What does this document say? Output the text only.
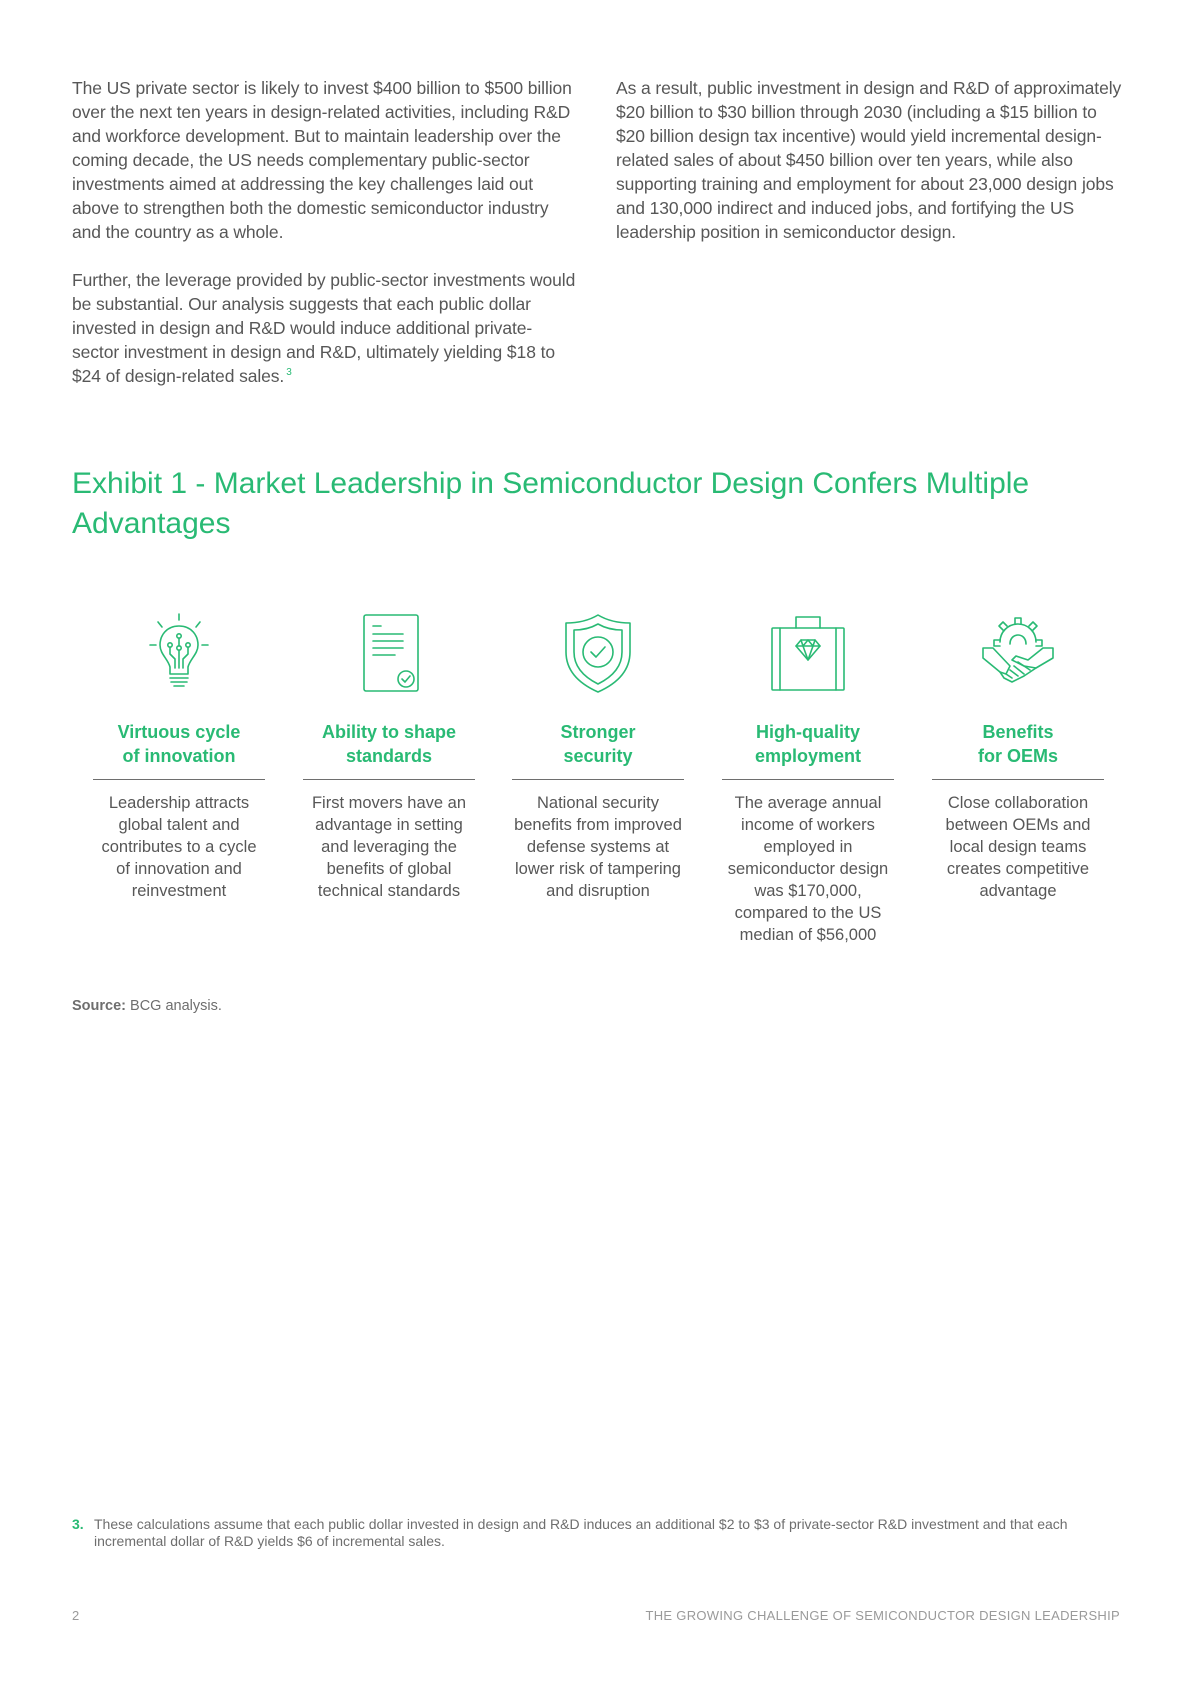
The US private sector is likely to invest $400 billion to $500 billion over the next ten years in design-related activities, including R&D and workforce development. But to maintain leadership over the coming decade, the US needs complementary public-sector investments aimed at addressing the key challenges laid out above to strengthen both the domestic semiconductor industry and the country as a whole.

Further, the leverage provided by public-sector investments would be substantial. Our analysis suggests that each public dollar invested in design and R&D would induce additional private-sector investment in design and R&D, ultimately yielding $18 to $24 of design-related sales. $^3$

As a result, public investment in design and R&D of approximately $20 billion to $30 billion through 2030 (including a $15 billion to $20 billion design tax incentive) would yield incremental design-related sales of about $450 billion over ten years, while also supporting training and employment for about 23,000 design jobs and 130,000 indirect and induced jobs, and fortifying the US leadership position in semiconductor design.

Exhibit 1 - Market Leadership in Semiconductor Design Confers Multiple Advantages
Virtuous cycle
of innovation
Leadership attracts global talent and contributes to a cycle of innovation and reinvestment
Ability to shape
standards
First movers have an advantage in setting and leveraging the benefits of global technical standards
Stronger
security
National security benefits from improved defense systems at lower risk of tampering and disruption
High-quality
employment
The average annual income of workers employed in semiconductor design was $170,000, compared to the US median of $56,000
Benefits
for OEMs
Close collaboration between OEMs and local design teams creates competitive advantage
Source: BCG analysis.
3. These calculations assume that each public dollar invested in design and R&D induces an additional $2 to $3 of private-sector R&D investment and that each incremental dollar of R&D yields $6 of incremental sales.
2	THE GROWING CHALLENGE OF SEMICONDUCTOR DESIGN LEADERSHIP
